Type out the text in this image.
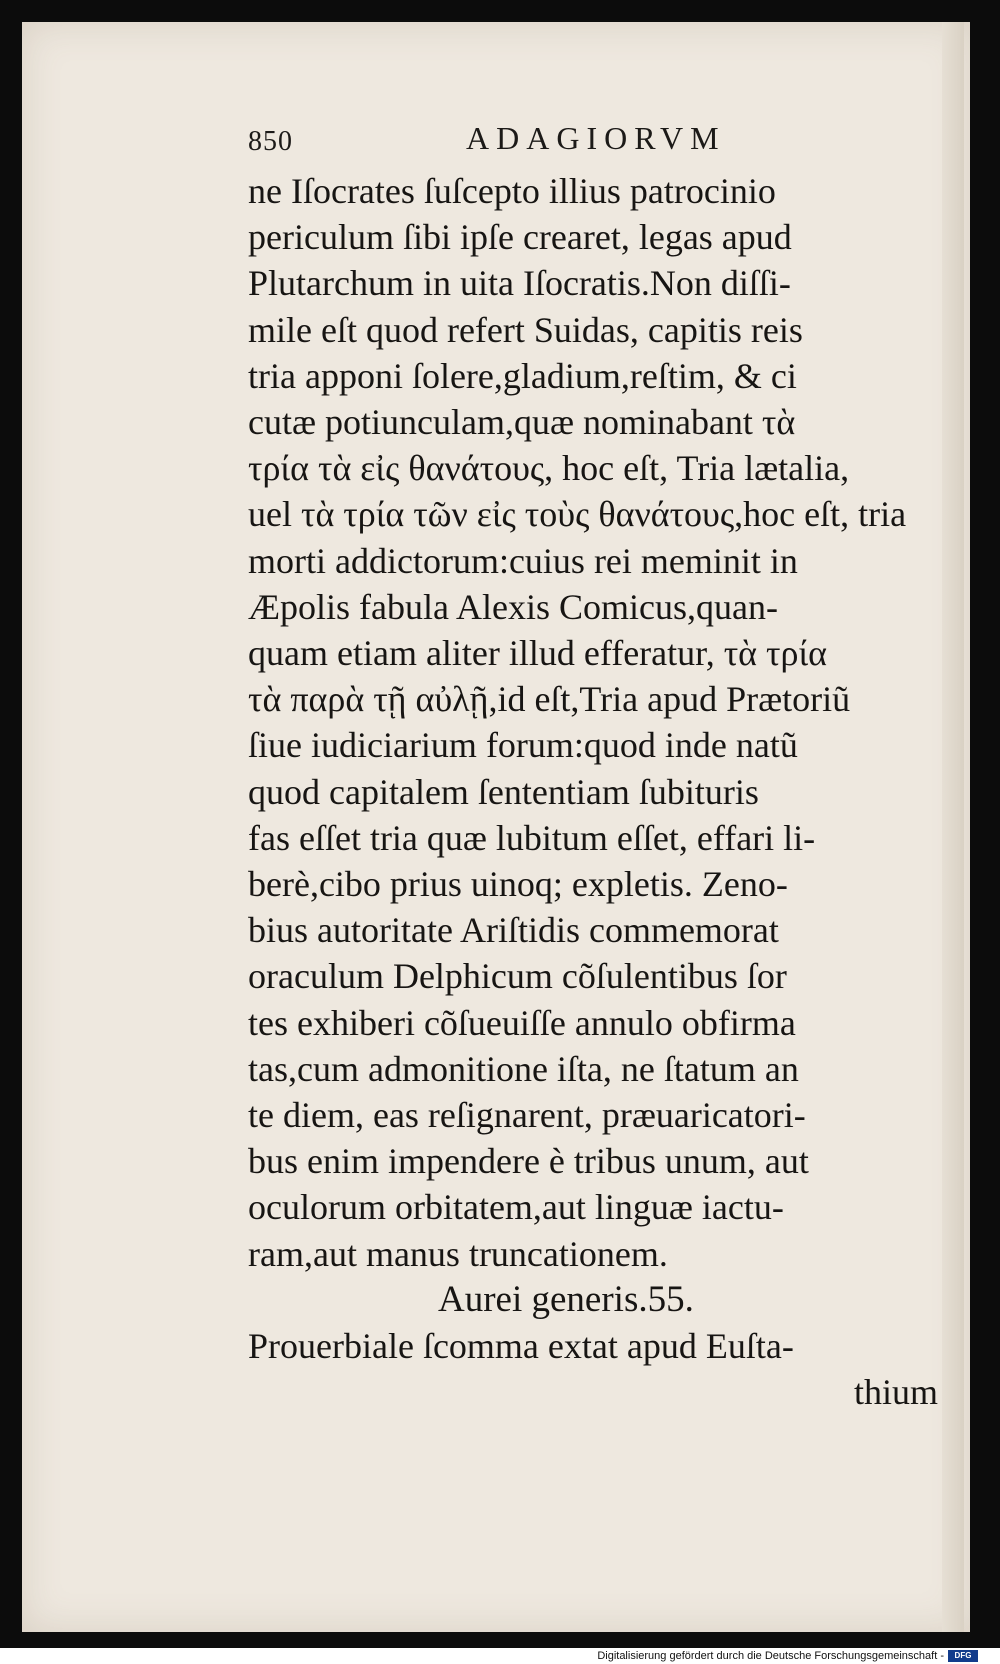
850	ADAGIORVM
ne Iſocrates ſuſcepto illius patrocinio
periculum ſibi ipſe crearet, legas apud
Plutarchum in uita Iſocratis.Non diſſi-
mile eſt quod refert Suidas, capitis reis
tria apponi ſolere,gladium,reſtim, & ci
cutæ potiunculam,quæ nominabant τὰ
τρία τὰ εἰς θανάτους, hoc eſt, Tria lætalia,
uel τὰ τρία τῶν εἰς τοὺς θανάτους,hoc eſt, tria
morti addictorum:cuius rei meminit in
Æpolis fabula Alexis Comicus,quan-
quam etiam aliter illud efferatur, τὰ τρία
τὰ παρὰ τῇ αὐλῇ,id eſt,Tria apud Prætoriũ
ſiue iudiciarium forum:quod inde natũ
quod capitalem ſententiam ſubituris
fas eſſet tria quæ lubitum eſſet, effari li-
berè,cibo prius uinoq; expletis. Zeno-
bius autoritate Ariſtidis commemorat
oraculum Delphicum cõſulentibus ſor
tes exhiberi cõſueuiſſe annulo obfirma
tas,cum admonitione iſta, ne ſtatum an
te diem, eas reſignarent, præuaricatori-
bus enim impendere è tribus unum, aut
oculorum orbitatem,aut linguæ iactu-
ram,aut manus truncationem.
Aurei generis.55.
Prouerbiale ſcomma extat apud Euſta-
thium
Digitalisierung gefördert durch die Deutsche Forschungsgemeinschaft -	DFG
